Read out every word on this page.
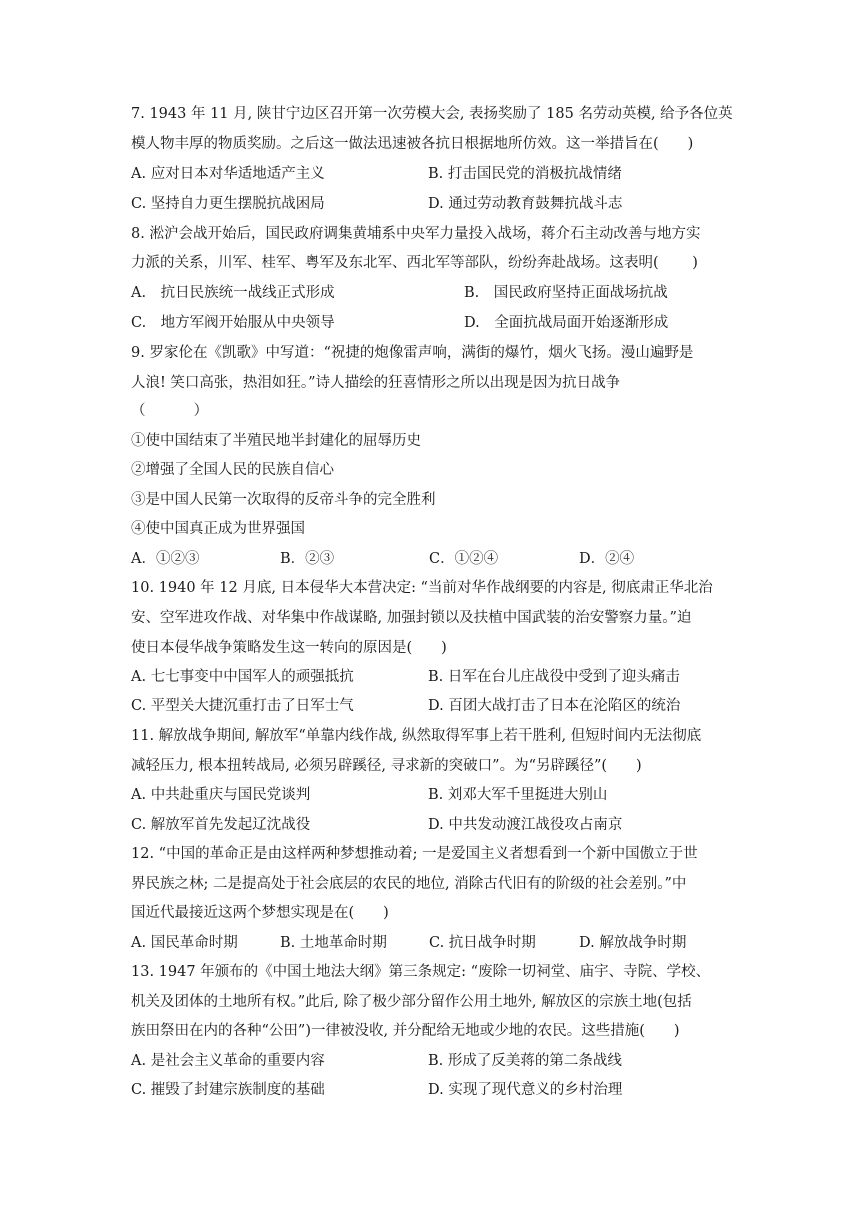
7. 1943 年 11 月, 陕甘宁边区召开第一次劳模大会, 表扬奖励了 185 名劳动英模, 给予各位英
模人物丰厚的物质奖励。之后这一做法迅速被各抗日根据地所仿效。这一举措旨在(　　)
A. 应对日本对华适地适产主义	B. 打击国民党的消极抗战情绪
C. 坚持自力更生摆脱抗战困局	D. 通过劳动教育鼓舞抗战斗志
8. 淞沪会战开始后，国民政府调集黄埔系中央军力量投入战场，蒋介石主动改善与地方实
力派的关系，川军、桂军、粤军及东北军、西北军等部队，纷纷奔赴战场。这表明(　　 )
A.　抗日民族统一战线正式形成	B.　国民政府坚持正面战场抗战
C.　地方军阀开始服从中央领导	D.　全面抗战局面开始逐渐形成
9. 罗家伦在《凯歌》中写道：“祝捷的炮像雷声响，满街的爆竹，烟火飞扬。漫山遍野是
人浪! 笑口高张，热泪如狂。”诗人描绘的狂喜情形之所以出现是因为抗日战争
（　　　 ）
①使中国结束了半殖民地半封建化的屈辱历史
②增强了全国人民的民族自信心
③是中国人民第一次取得的反帝斗争的完全胜利
④使中国真正成为世界强国
A．①②③	B．②③	C．①②④	D．②④
10. 1940 年 12 月底, 日本侵华大本营决定: “当前对华作战纲要的内容是, 彻底肃正华北治
安、空军进攻作战、对华集中作战谋略, 加强封锁以及扶植中国武装的治安警察力量。”迫
使日本侵华战争策略发生这一转向的原因是(　　)
A. 七七事变中中国军人的顽强抵抗	B. 日军在台儿庄战役中受到了迎头痛击
C. 平型关大捷沉重打击了日军士气	D. 百团大战打击了日本在沦陷区的统治
11. 解放战争期间, 解放军“单靠内线作战, 纵然取得军事上若干胜利, 但短时间内无法彻底
减轻压力, 根本扭转战局, 必须另辟蹊径, 寻求新的突破口”。为“另辟蹊径”(　　)
A. 中共赴重庆与国民党谈判	B. 刘邓大军千里挺进大别山
C. 解放军首先发起辽沈战役	D. 中共发动渡江战役攻占南京
12. “中国的革命正是由这样两种梦想推动着; 一是爱国主义者想看到一个新中国傲立于世
界民族之林; 二是提高处于社会底层的农民的地位, 消除古代旧有的阶级的社会差别。”中
国近代最接近这两个梦想实现是在(　　)
A. 国民革命时期	B. 土地革命时期	C. 抗日战争时期	D. 解放战争时期
13. 1947 年颁布的《中国土地法大纲》第三条规定: “废除一切祠堂、庙宇、寺院、学校、
机关及团体的土地所有权。”此后, 除了极少部分留作公用土地外, 解放区的宗族土地(包括
族田祭田在内的各种“公田”)一律被没收, 并分配给无地或少地的农民。这些措施(　　)
A. 是社会主义革命的重要内容	B. 形成了反美蒋的第二条战线
C. 摧毁了封建宗族制度的基础	D. 实现了现代意义的乡村治理
